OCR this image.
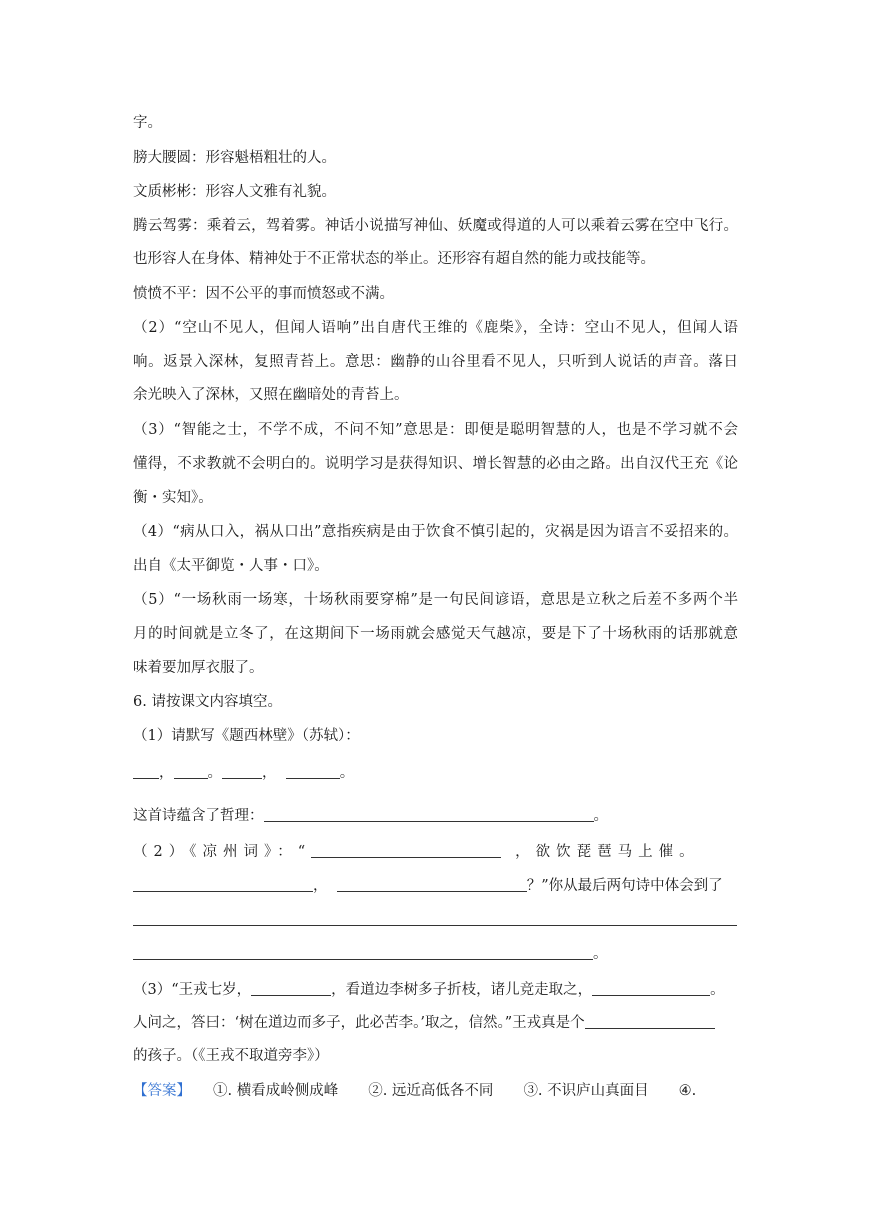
字。
膀大腰圆：形容魁梧粗壮的人。
文质彬彬：形容人文雅有礼貌。
腾云驾雾：乘着云，驾着雾。神话小说描写神仙、妖魔或得道的人可以乘着云雾在空中飞行。
也形容人在身体、精神处于不正常状态的举止。还形容有超自然的能力或技能等。
愤愤不平：因不公平的事而愤怒或不满。
（2）“空山不见人，但闻人语响”出自唐代王维的《鹿柴》，全诗：空山不见人，但闻人语
响。返景入深林，复照青苔上。意思：幽静的山谷里看不见人，只听到人说话的声音。落日
余光映入了深林，又照在幽暗处的青苔上。
（3）“智能之士，不学不成，不问不知”意思是：即便是聪明智慧的人，也是不学习就不会
懂得，不求教就不会明白的。说明学习是获得知识、增长智慧的必由之路。出自汉代王充《论
衡・实知》。
（4）“病从口入，祸从口出”意指疾病是由于饮食不慎引起的，灾祸是因为语言不妥招来的。
出自《太平御览・人事・口》。
（5）“一场秋雨一场寒，十场秋雨要穿棉”是一句民间谚语，意思是立秋之后差不多两个半
月的时间就是立冬了，在这期间下一场雨就会感觉天气越凉，要是下了十场秋雨的话那就意
味着要加厚衣服了。
6. 请按课文内容填空。
（1）请默写《题西林壁》（苏轼）：
， 。	，	。
这首诗蕴含了哲理：	。
（2）《凉州词》：“	，欲饮琵琶马上催。
，	？”你从最后两句诗中体会到了
。
（3）“王戎七岁，	，看道边李树多子折枝，诸儿竞走取之，	。
人问之，答曰：‘树在道边而多子，此必苦李。’取之，信然。”王戎真是个
的孩子。（《王戎不取道旁李》）
【答案】 ①. 横看成岭侧成峰 ②. 远近高低各不同 ③. 不识庐山真面目 ④.
